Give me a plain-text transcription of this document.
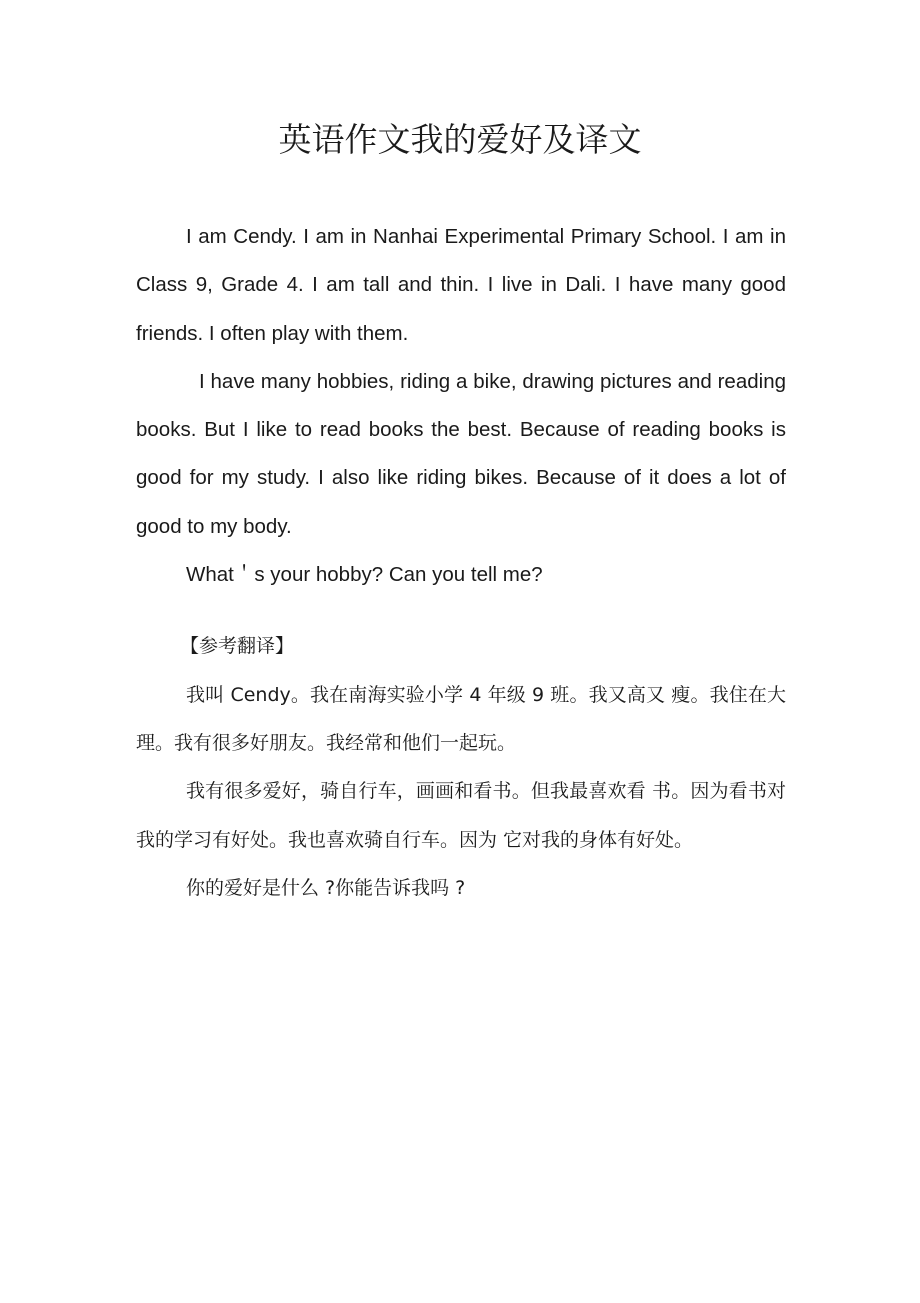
英语作文我的爱好及译文

I am Cendy. I am in Nanhai Experimental Primary School. I am in Class 9, Grade 4. I am tall and thin. I live in Dali. I have many good friends. I often play with them.

I have many hobbies, riding a bike, drawing pictures and reading books. But I like to read books the best. Because of reading books is good for my study. I also like riding bikes. Because of it does a lot of good to my body.

What＇s your hobby? Can you tell me?

【参考翻译】

我叫 Cendy。我在南海实验小学 4 年级 9 班。我又高又 瘦。我住在大理。我有很多好朋友。我经常和他们一起玩。

我有很多爱好，骑自行车，画画和看书。但我最喜欢看 书。因为看书对我的学习有好处。我也喜欢骑自行车。因为 它对我的身体有好处。

你的爱好是什么 ?你能告诉我吗 ?
